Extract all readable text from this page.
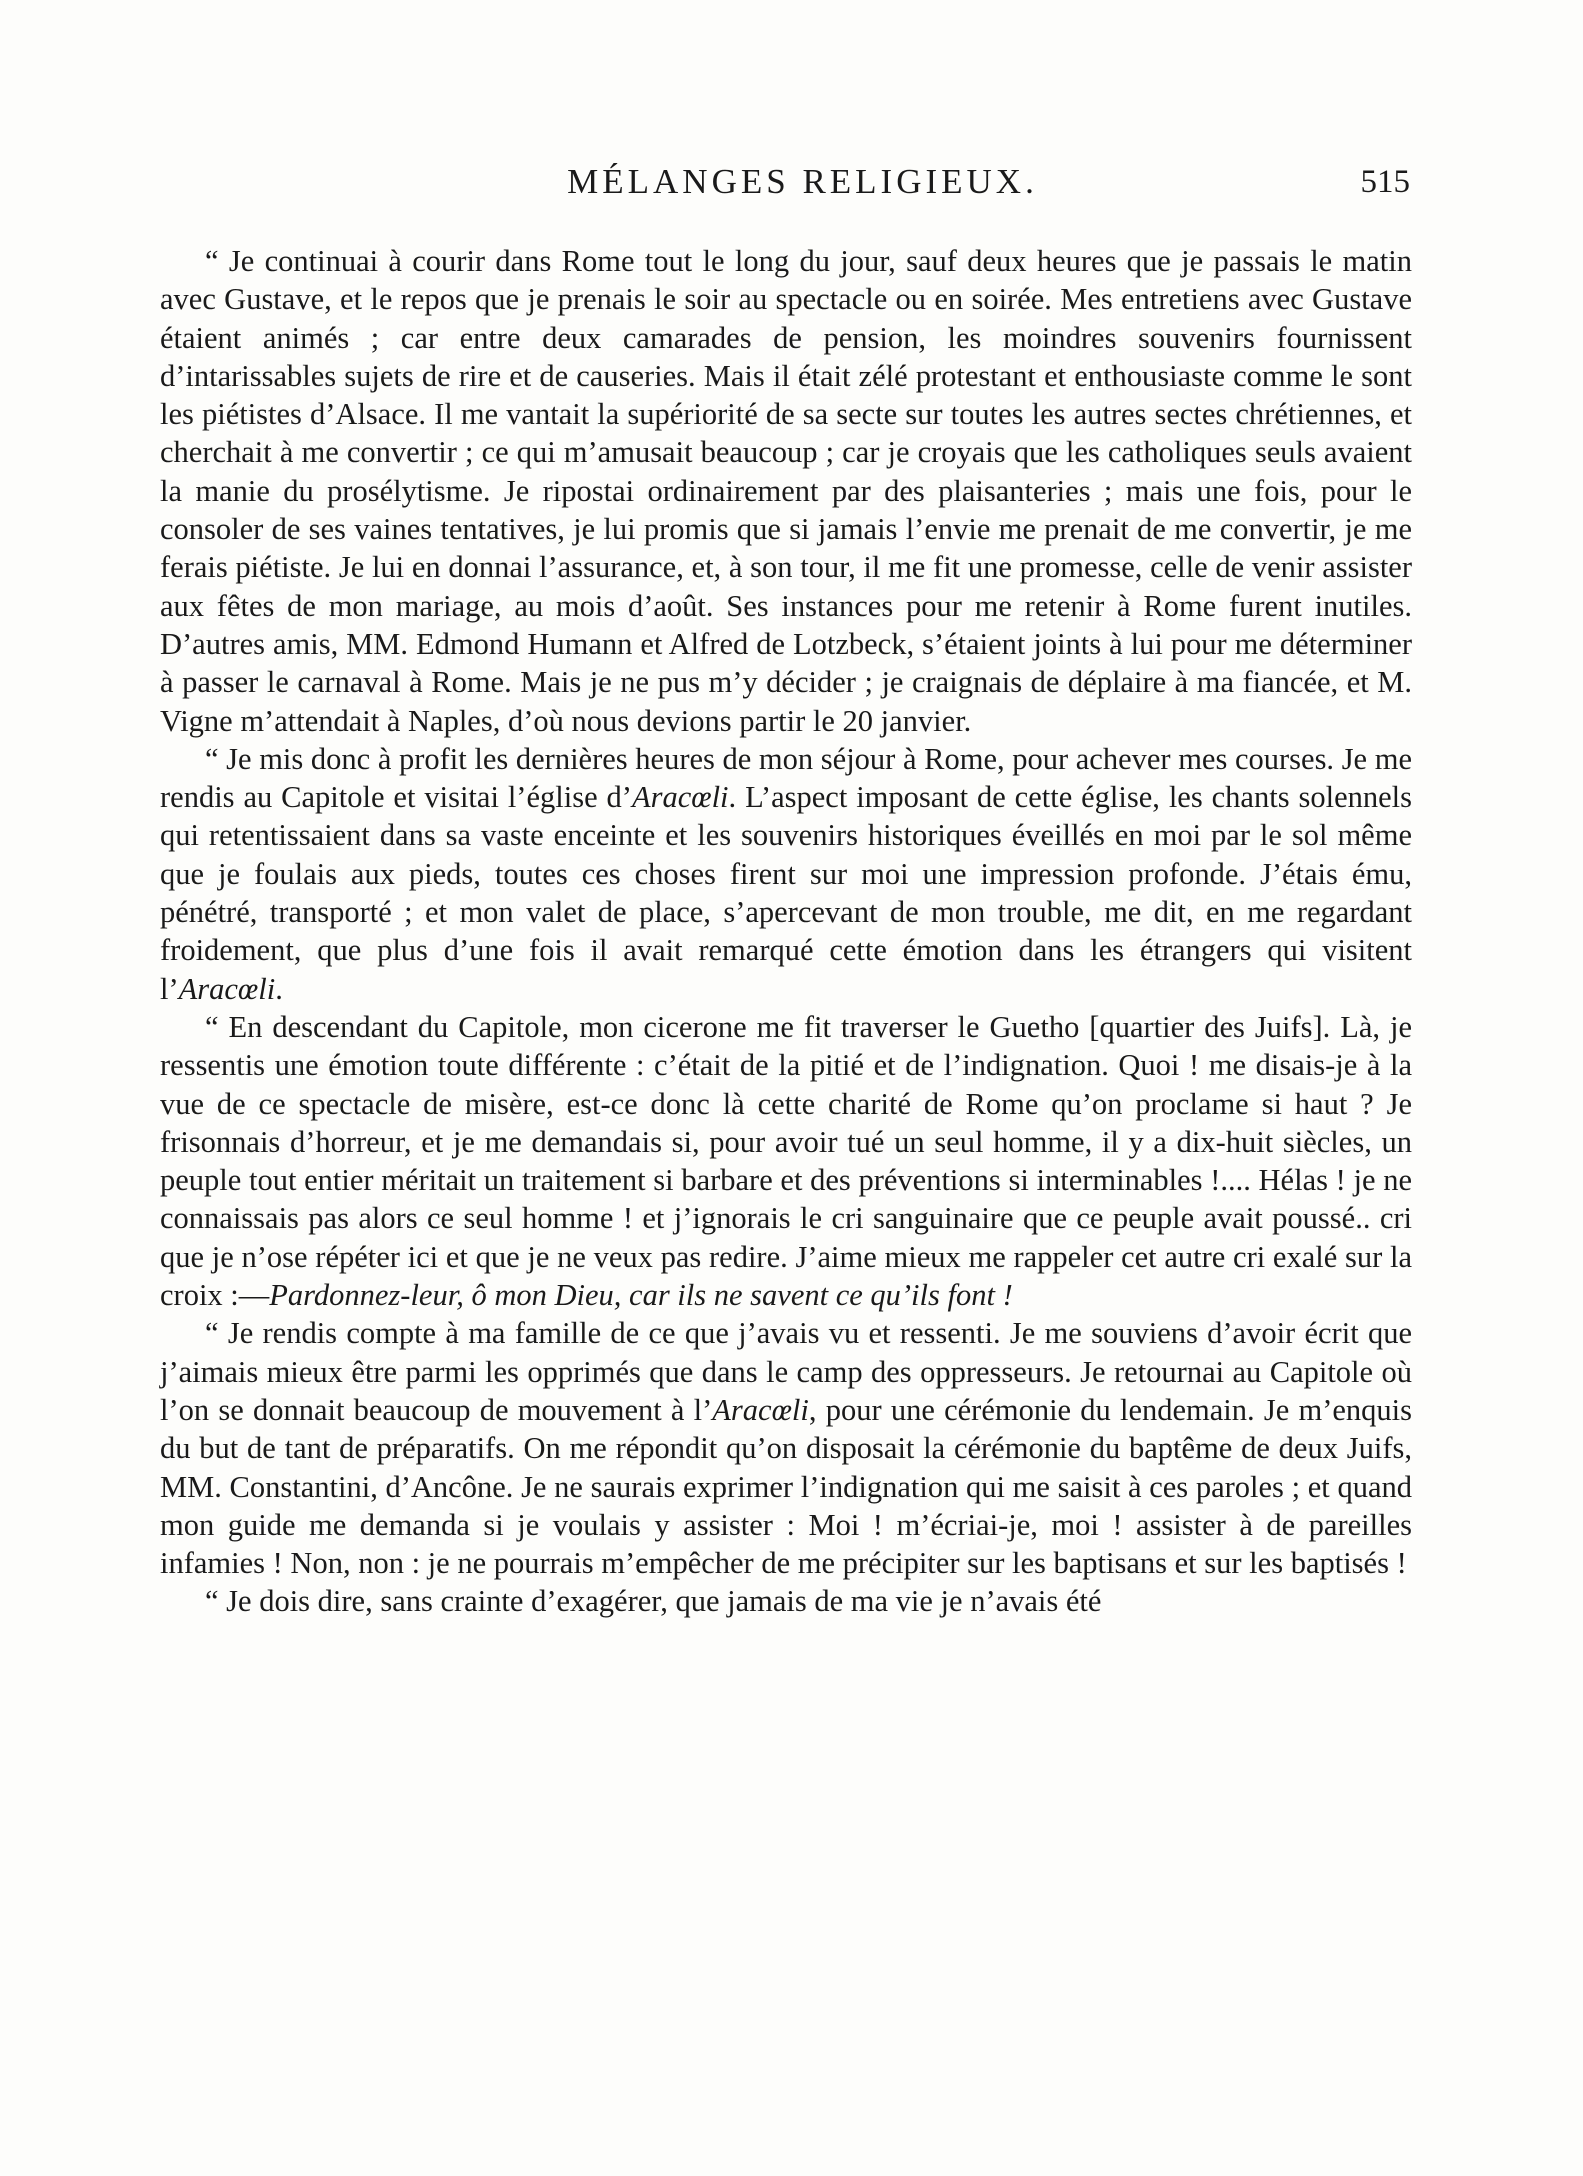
MÉLANGES RELIGIEUX.	515

“ Je continuai à courir dans Rome tout le long du jour, sauf deux heures que je passais le matin avec Gustave, et le repos que je prenais le soir au spectacle ou en soirée. Mes entretiens avec Gustave étaient animés ; car entre deux camarades de pension, les moindres souvenirs fournissent d’intarissables sujets de rire et de causeries. Mais il était zélé protestant et enthousiaste comme le sont les piétistes d’Alsace. Il me vantait la supériorité de sa secte sur toutes les autres sectes chrétiennes, et cherchait à me convertir ; ce qui m’amusait beaucoup ; car je croyais que les catholiques seuls avaient la manie du prosélytisme. Je ripostai ordinairement par des plaisanteries ; mais une fois, pour le consoler de ses vaines tentatives, je lui promis que si jamais l’envie me prenait de me convertir, je me ferais piétiste. Je lui en donnai l’assurance, et, à son tour, il me fit une promesse, celle de venir assister aux fêtes de mon mariage, au mois d’août. Ses instances pour me retenir à Rome furent inutiles. D’autres amis, MM. Edmond Humann et Alfred de Lotzbeck, s’étaient joints à lui pour me déterminer à passer le carnaval à Rome. Mais je ne pus m’y décider ; je craignais de déplaire à ma fiancée, et M. Vigne m’attendait à Naples, d’où nous devions partir le 20 janvier.

“ Je mis donc à profit les dernières heures de mon séjour à Rome, pour achever mes courses. Je me rendis au Capitole et visitai l’église d’Aracœli. L’aspect imposant de cette église, les chants solennels qui retentissaient dans sa vaste enceinte et les souvenirs historiques éveillés en moi par le sol même que je foulais aux pieds, toutes ces choses firent sur moi une impression profonde. J’étais ému, pénétré, transporté ; et mon valet de place, s’apercevant de mon trouble, me dit, en me regardant froidement, que plus d’une fois il avait remarqué cette émotion dans les étrangers qui visitent l’Aracœli.

“ En descendant du Capitole, mon cicerone me fit traverser le Guetho [quartier des Juifs]. Là, je ressentis une émotion toute différente : c’était de la pitié et de l’indignation. Quoi ! me disais-je à la vue de ce spectacle de misère, est-ce donc là cette charité de Rome qu’on proclame si haut ? Je frisonnais d’horreur, et je me demandais si, pour avoir tué un seul homme, il y a dix-huit siècles, un peuple tout entier méritait un traitement si barbare et des préventions si interminables !.... Hélas ! je ne connaissais pas alors ce seul homme ! et j’ignorais le cri sanguinaire que ce peuple avait poussé.. cri que je n’ose répéter ici et que je ne veux pas redire. J’aime mieux me rappeler cet autre cri exalé sur la croix :—Pardonnez-leur, ô mon Dieu, car ils ne savent ce qu’ils font !

“ Je rendis compte à ma famille de ce que j’avais vu et ressenti. Je me souviens d’avoir écrit que j’aimais mieux être parmi les opprimés que dans le camp des oppresseurs. Je retournai au Capitole où l’on se donnait beaucoup de mouvement à l’Aracœli, pour une cérémonie du lendemain. Je m’enquis du but de tant de préparatifs. On me répondit qu’on disposait la cérémonie du baptême de deux Juifs, MM. Constantini, d’Ancône. Je ne saurais exprimer l’indignation qui me saisit à ces paroles ; et quand mon guide me demanda si je voulais y assister : Moi ! m’écriai-je, moi ! assister à de pareilles infamies ! Non, non : je ne pourrais m’empêcher de me précipiter sur les baptisans et sur les baptisés !

“ Je dois dire, sans crainte d’exagérer, que jamais de ma vie je n’avais été
